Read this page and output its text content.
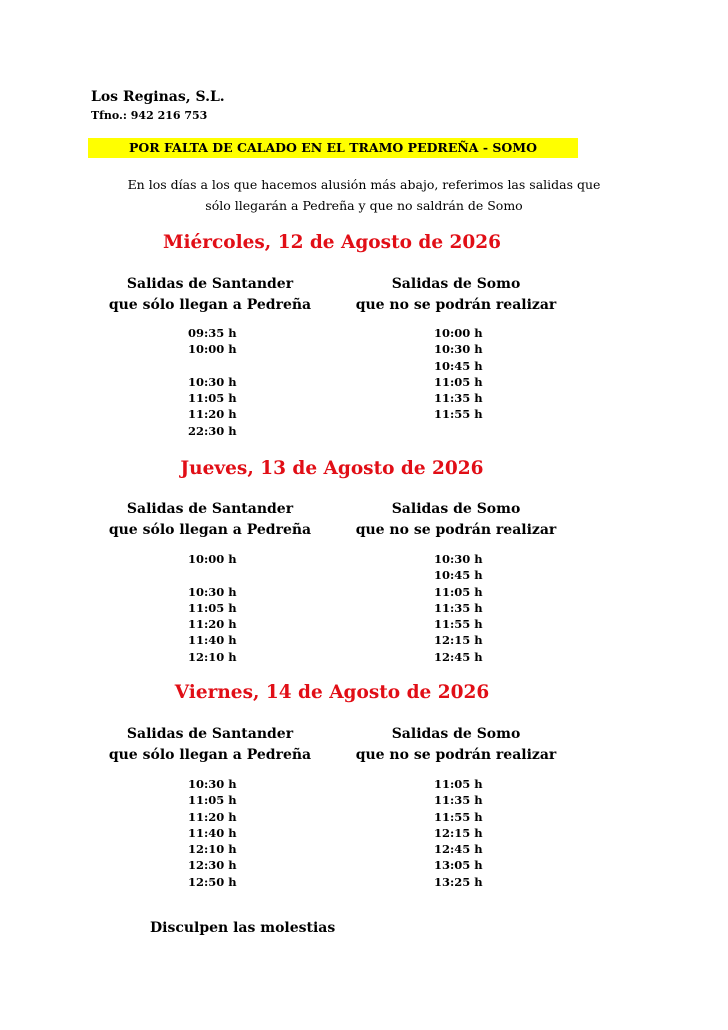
Los Reginas, S.L.
Tfno.: 942 216 753
POR FALTA DE CALADO EN EL TRAMO PEDREÑA - SOMO
En los días a los que hacemos alusión más abajo, referimos las salidas que
sólo llegarán a Pedreña y que no saldrán de Somo
Miércoles, 12 de Agosto de 2026
Salidas de Santander
que sólo llegan a Pedreña
Salidas de Somo
que no se podrán realizar
09:35 h
10:00 h
10:30 h
11:05 h
11:20 h
22:30 h
10:00 h
10:30 h
10:45 h
11:05 h
11:35 h
11:55 h
Jueves, 13 de Agosto de 2026
Salidas de Santander
que sólo llegan a Pedreña
Salidas de Somo
que no se podrán realizar
10:00 h
10:30 h
11:05 h
11:20 h
11:40 h
12:10 h
10:30 h
10:45 h
11:05 h
11:35 h
11:55 h
12:15 h
12:45 h
Viernes, 14 de Agosto de 2026
Salidas de Santander
que sólo llegan a Pedreña
Salidas de Somo
que no se podrán realizar
10:30 h
11:05 h
11:20 h
11:40 h
12:10 h
12:30 h
12:50 h
11:05 h
11:35 h
11:55 h
12:15 h
12:45 h
13:05 h
13:25 h
Disculpen las molestias
